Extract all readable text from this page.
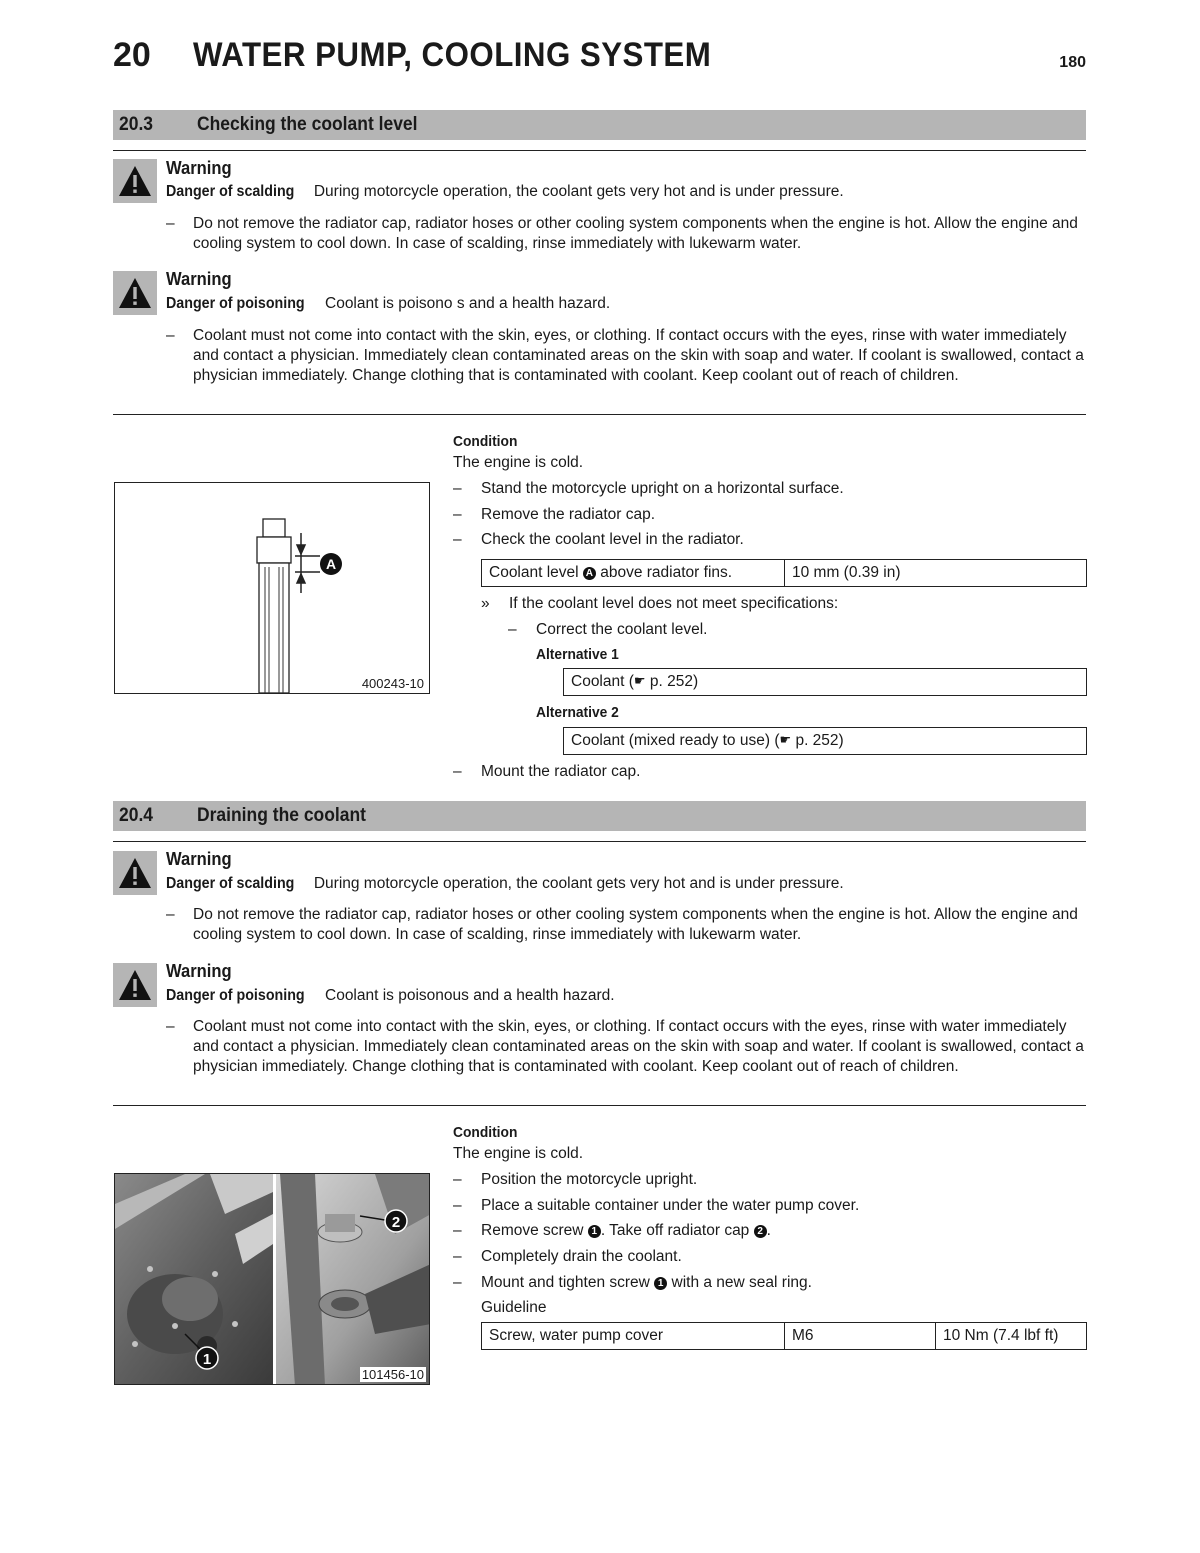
20 WATER PUMP, COOLING SYSTEM	180
20.3 Checking the coolant level
Warning
Danger of scalding During motorcycle operation, the coolant gets very hot and is under pressure.
– Do not remove the radiator cap, radiator hoses or other cooling system components when the engine is hot. Allow the engine and cooling system to cool down. In case of scalding, rinse immediately with lukewarm water.
Warning
Danger of poisoning Coolant is poisono s and a health hazard.
– Coolant must not come into contact with the skin, eyes, or clothing. If contact occurs with the eyes, rinse with water immediately and contact a physician. Immediately clean contaminated areas on the skin with soap and water. If coolant is swallowed, contact a physician immediately. Change clothing that is contaminated with coolant. Keep coolant out of reach of children.
A
400243-10
Condition
The engine is cold.
– Stand the motorcycle upright on a horizontal surface.
– Remove the radiator cap.
– Check the coolant level in the radiator.
Coolant level A above radiator fins.	10 mm (0.39 in)
» If the coolant level does not meet specifications:
– Correct the coolant level.
Alternative 1
Coolant (☛ p. 252)
Alternative 2
Coolant (mixed ready to use) (☛ p. 252)
– Mount the radiator cap.
20.4 Draining the coolant
Warning
Danger of scalding During motorcycle operation, the coolant gets very hot and is under pressure.
– Do not remove the radiator cap, radiator hoses or other cooling system components when the engine is hot. Allow the engine and cooling system to cool down. In case of scalding, rinse immediately with lukewarm water.
Warning
Danger of poisoning Coolant is poisonous and a health hazard.
– Coolant must not come into contact with the skin, eyes, or clothing. If contact occurs with the eyes, rinse with water immediately and contact a physician. Immediately clean contaminated areas on the skin with soap and water. If coolant is swallowed, contact a physician immediately. Change clothing that is contaminated with coolant. Keep coolant out of reach of children.
2
1
101456-10
Condition
The engine is cold.
– Position the motorcycle upright.
– Place a suitable container under the water pump cover.
– Remove screw 1 . Take off radiator cap 2 .
– Completely drain the coolant.
– Mount and tighten screw 1 with a new seal ring.
Guideline
Screw, water pump cover	M6	10 Nm (7.4 lbf ft)
